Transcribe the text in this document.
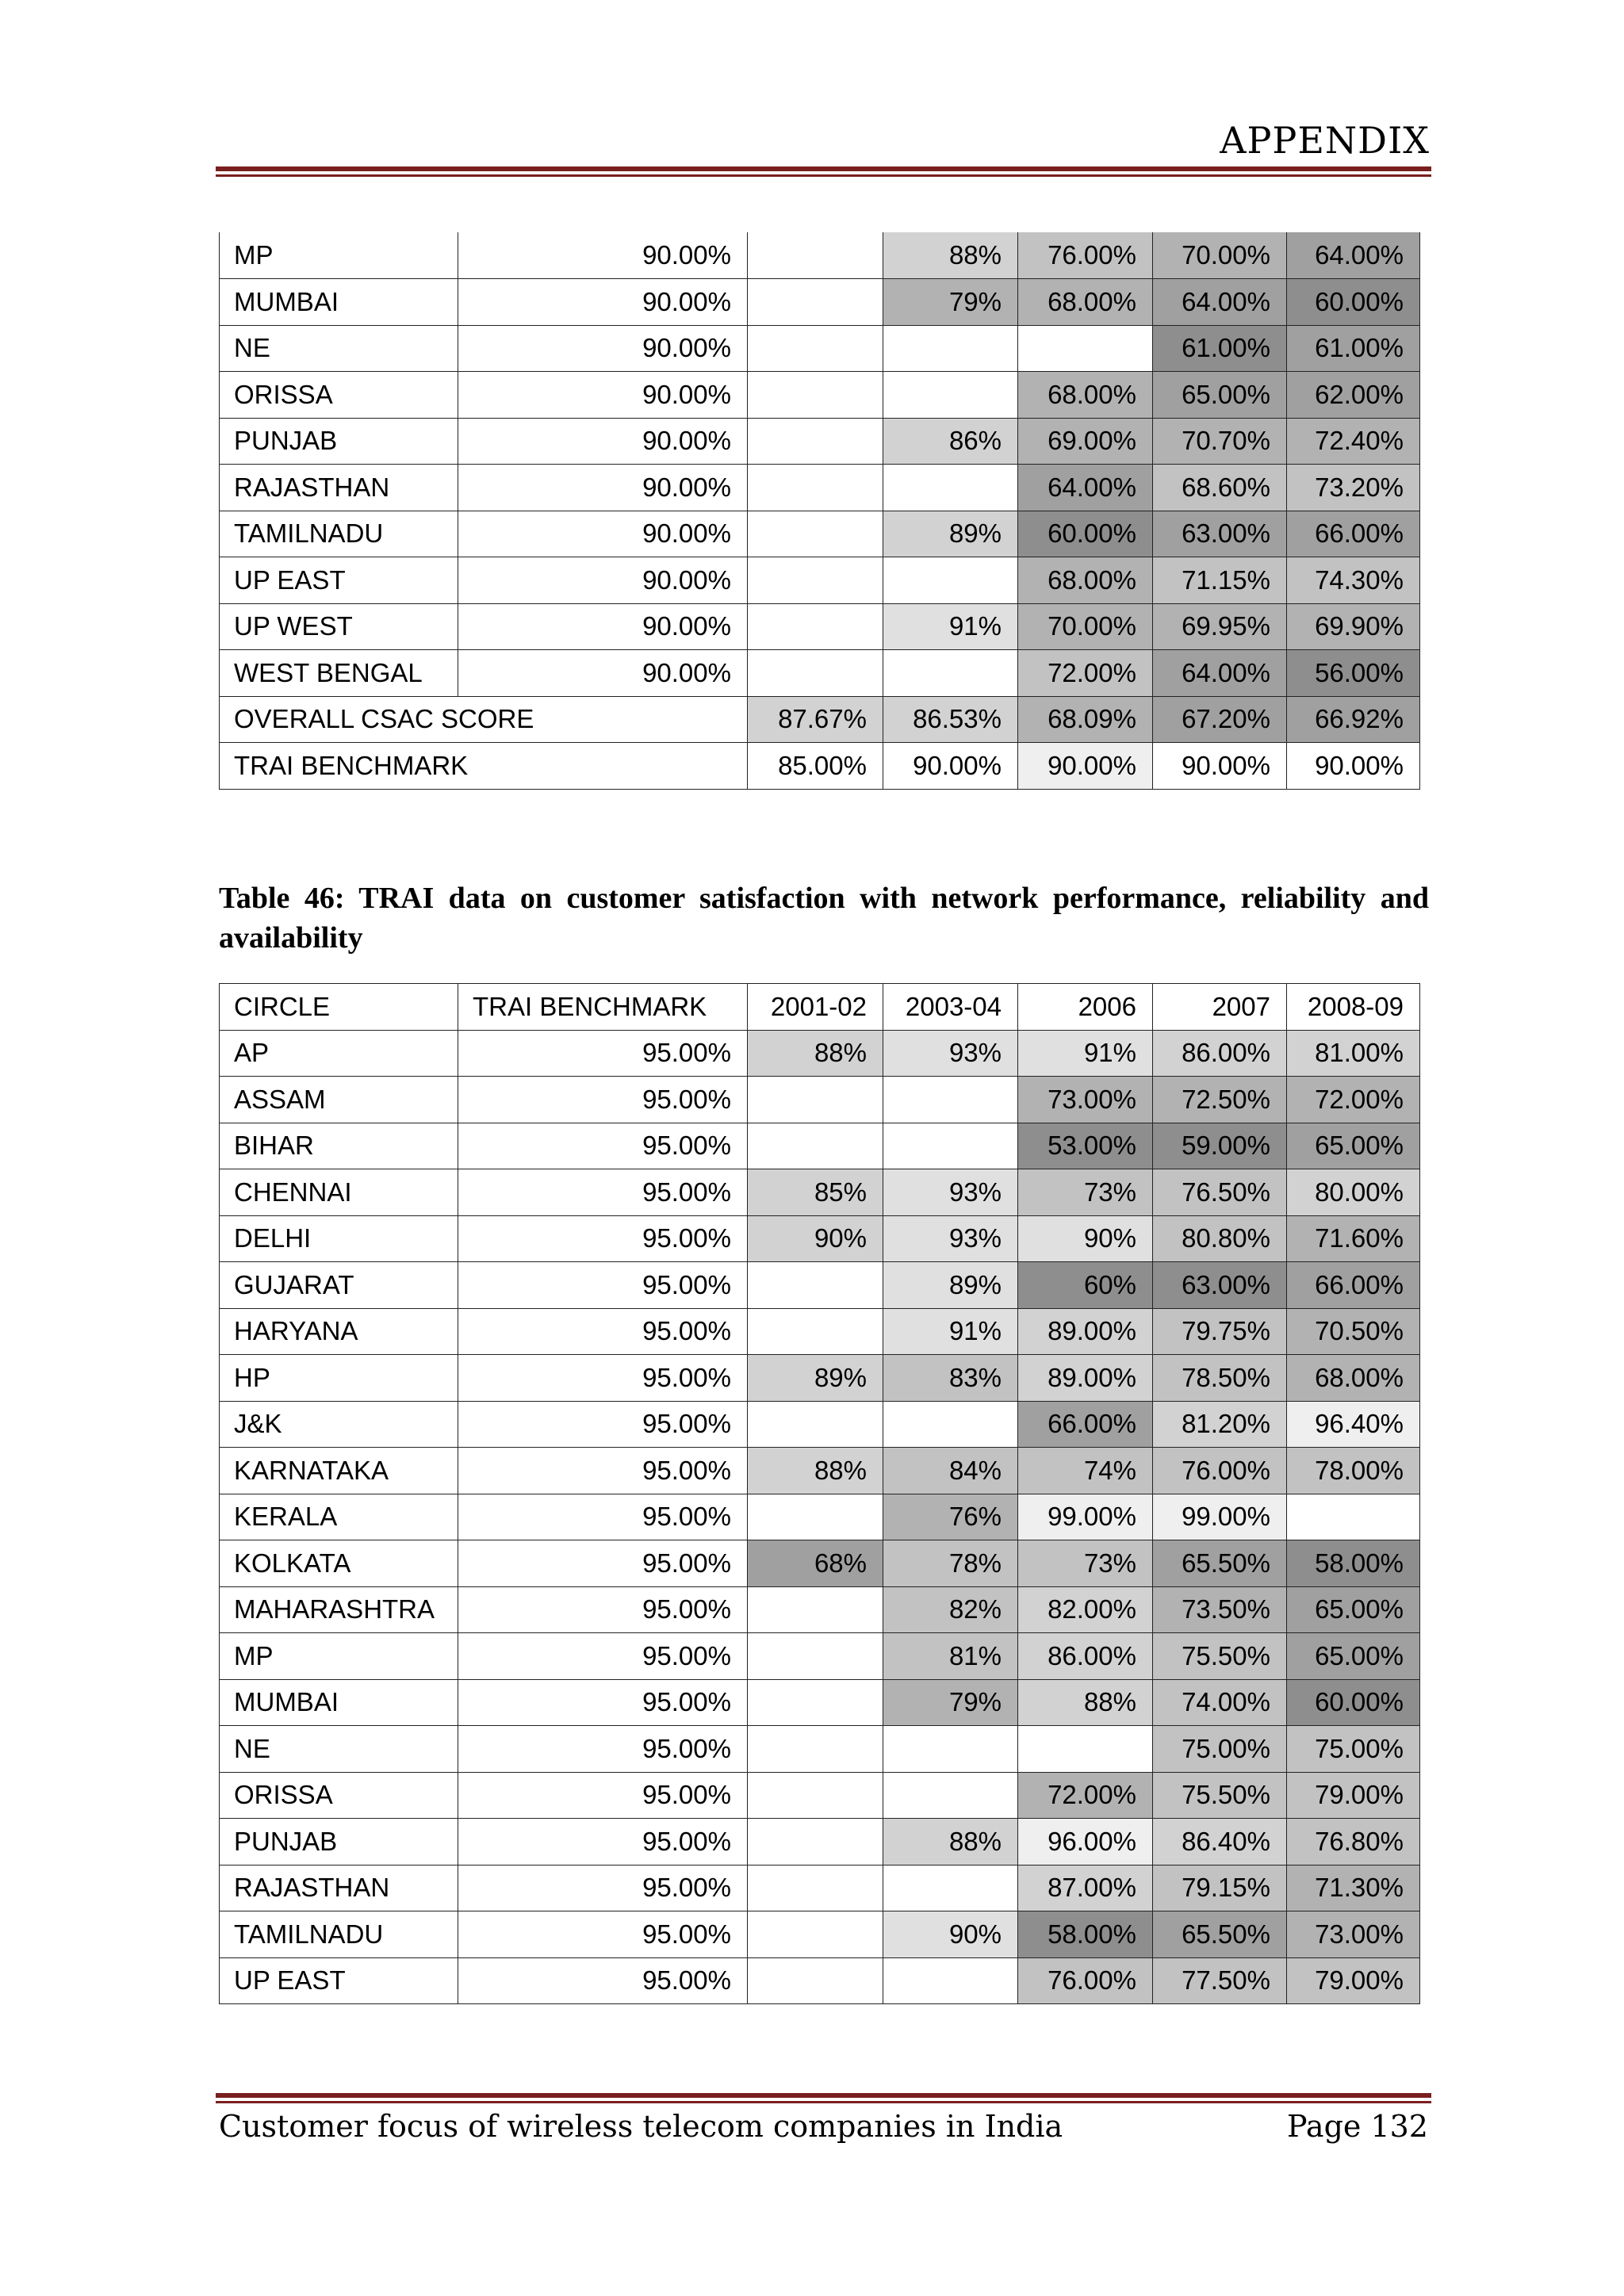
APPENDIX
MP	90.00%		88%	76.00%	70.00%	64.00%
MUMBAI	90.00%		79%	68.00%	64.00%	60.00%
NE	90.00%				61.00%	61.00%
ORISSA	90.00%			68.00%	65.00%	62.00%
PUNJAB	90.00%		86%	69.00%	70.70%	72.40%
RAJASTHAN	90.00%			64.00%	68.60%	73.20%
TAMILNADU	90.00%		89%	60.00%	63.00%	66.00%
UP EAST	90.00%			68.00%	71.15%	74.30%
UP WEST	90.00%		91%	70.00%	69.95%	69.90%
WEST BENGAL	90.00%			72.00%	64.00%	56.00%
OVERALL CSAC SCORE		87.67%	86.53%	68.09%	67.20%	66.92%
TRAI BENCHMARK		85.00%	90.00%	90.00%	90.00%	90.00%
Table 46: TRAI data on customer satisfaction with network performance, reliability and availability
CIRCLE	TRAI BENCHMARK	2001-02	2003-04	2006	2007	2008-09
AP	95.00%	88%	93%	91%	86.00%	81.00%
ASSAM	95.00%			73.00%	72.50%	72.00%
BIHAR	95.00%			53.00%	59.00%	65.00%
CHENNAI	95.00%	85%	93%	73%	76.50%	80.00%
DELHI	95.00%	90%	93%	90%	80.80%	71.60%
GUJARAT	95.00%		89%	60%	63.00%	66.00%
HARYANA	95.00%		91%	89.00%	79.75%	70.50%
HP	95.00%	89%	83%	89.00%	78.50%	68.00%
J&K	95.00%			66.00%	81.20%	96.40%
KARNATAKA	95.00%	88%	84%	74%	76.00%	78.00%
KERALA	95.00%		76%	99.00%	99.00%	
KOLKATA	95.00%	68%	78%	73%	65.50%	58.00%
MAHARASHTRA	95.00%		82%	82.00%	73.50%	65.00%
MP	95.00%		81%	86.00%	75.50%	65.00%
MUMBAI	95.00%		79%	88%	74.00%	60.00%
NE	95.00%				75.00%	75.00%
ORISSA	95.00%			72.00%	75.50%	79.00%
PUNJAB	95.00%		88%	96.00%	86.40%	76.80%
RAJASTHAN	95.00%			87.00%	79.15%	71.30%
TAMILNADU	95.00%		90%	58.00%	65.50%	73.00%
UP EAST	95.00%			76.00%	77.50%	79.00%
Customer focus of wireless telecom companies in India	Page 132
